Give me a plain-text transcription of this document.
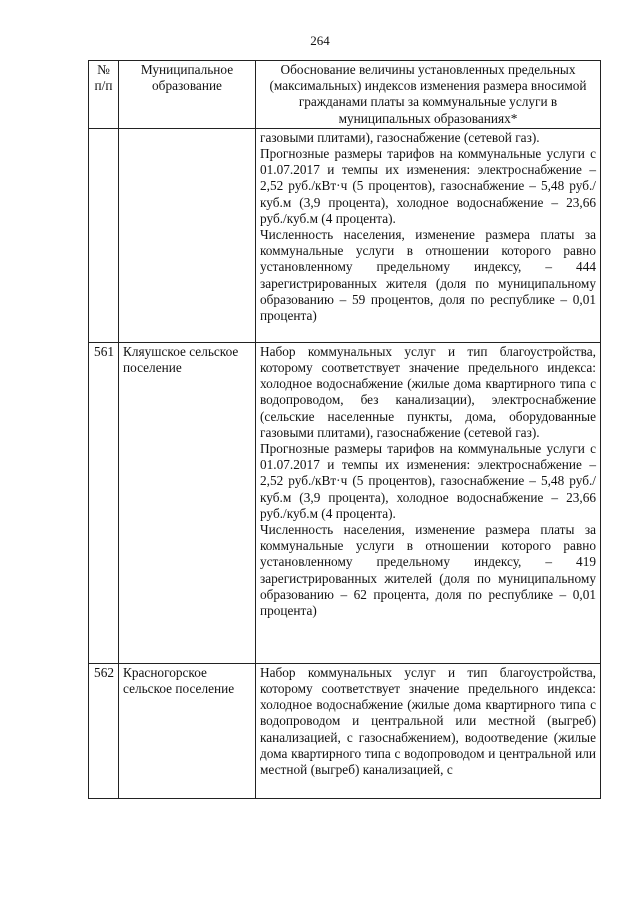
264
№ п/п	Муниципальное образование	Обоснование величины установленных предельных (максимальных) индексов изменения размера вносимой гражданами платы за коммунальные услуги в муниципальных образованиях*

		газовыми плитами), газоснабжение (сетевой газ).

Прогнозные размеры тарифов на коммунальные услуги с 01.07.2017 и темпы их изменения: электроснабжение – 2,52 руб./кВт·ч (5 процентов), газоснабжение – 5,48 руб./куб.м (3,9 процента), холодное водоснабжение – 23,66 руб./куб.м (4 процента).

Численность населения, изменение размера платы за коммунальные услуги в отношении которого равно установленному предельному индексу, – 444 зарегистрированных жителя (доля по муниципальному образованию – 59 процентов, доля по республике – 0,01 процента)

561	Кляушское сельское поселение	Набор коммунальных услуг и тип благоустройства, которому соответствует значение предельного индекса: холодное водоснабжение (жилые дома квартирного типа с водопроводом, без канализации), электроснабжение (сельские населенные пункты, дома, оборудованные газовыми плитами), газоснабжение (сетевой газ).

Прогнозные размеры тарифов на коммунальные услуги с 01.07.2017 и темпы их изменения: электроснабжение – 2,52 руб./кВт·ч (5 процентов), газоснабжение – 5,48 руб./куб.м (3,9 процента), холодное водоснабжение – 23,66 руб./куб.м (4 процента).

Численность населения, изменение размера платы за коммунальные услуги в отношении которого равно установленному предельному индексу, – 419 зарегистрированных жителей (доля по муниципальному образованию – 62 процента, доля по республике – 0,01 процента)

562	Красногорское сельское поселение	Набор коммунальных услуг и тип благоустройства, которому соответствует значение предельного индекса: холодное водоснабжение (жилые дома квартирного типа с водопроводом и центральной или местной (выгреб) канализацией, с газоснабжением), водоотведение (жилые дома квартирного типа с водопроводом и центральной или местной (выгреб) канализацией, с
